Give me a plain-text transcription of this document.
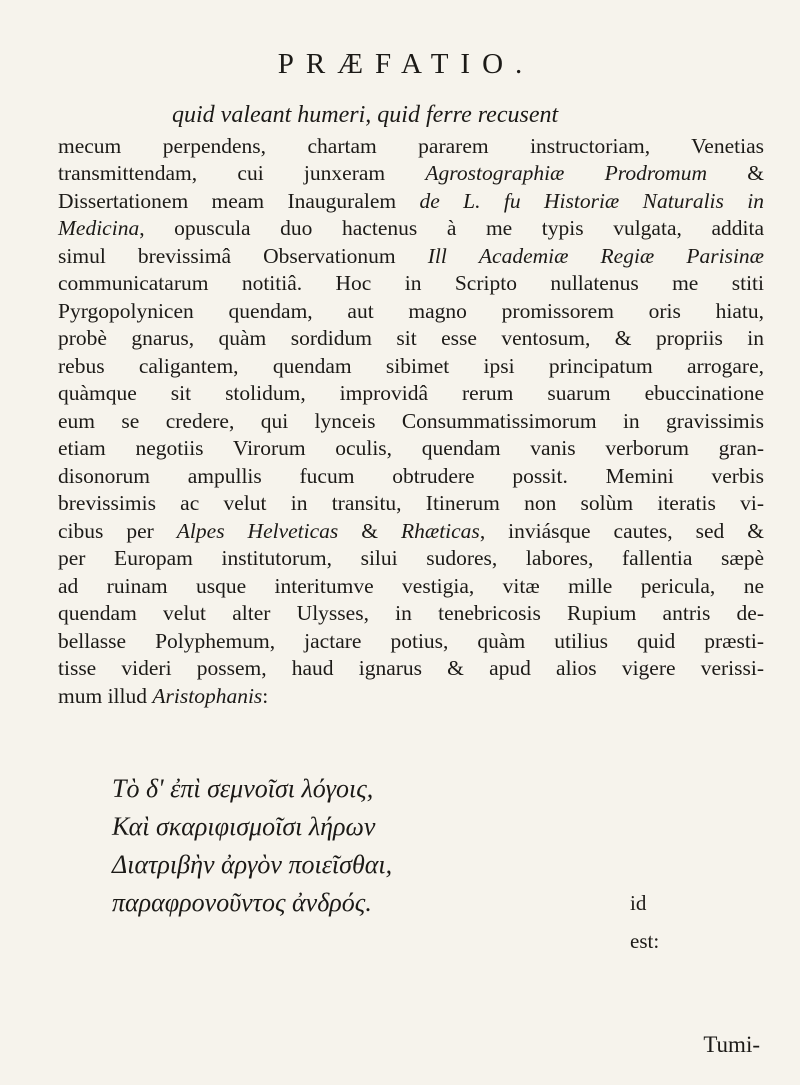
PRÆFATIO.
quid valeant humeri, quid ferre recusent
mecum perpendens, chartam pararem instructoriam, Venetias
transmittendam, cui junxeram Agrostographiæ Prodromum &
Dissertationem meam Inauguralem de L. fu Historiæ Naturalis in
Medicina, opuscula duo hactenus à me typis vulgata, addita
simul brevissimâ Observationum Ill Academiæ Regiæ Parisinæ
communicatarum notitiâ. Hoc in Scripto nullatenus me stiti
Pyrgopolynicen quendam, aut magno promissorem oris hiatu,
probè gnarus, quàm sordidum sit esse ventosum, & propriis in
rebus caligantem, quendam sibimet ipsi principatum arrogare,
quàmque sit stolidum, improvidâ rerum suarum ebuccinatione
eum se credere, qui lynceis Consummatissimorum in gravissimis
etiam negotiis Virorum oculis, quendam vanis verborum gran-
disonorum ampullis fucum obtrudere possit. Memini verbis
brevissimis ac velut in transitu, Itinerum non solùm iteratis vi-
cibus per Alpes Helveticas & Rhæticas, inviásque cautes, sed &
per Europam institutorum, silui sudores, labores, fallentia sæpè
ad ruinam usque interitumve vestigia, vitæ mille pericula, ne
quendam velut alter Ulysses, in tenebricosis Rupium antris de-
bellasse Polyphemum, jactare potius, quàm utilius quid præsti-
tisse videri possem, haud ignarus & apud alios vigere verissi-
mum illud Aristophanis:
Τὸ δ' ἐπὶ σεμνοῖσι λόγοις,
Καὶ σκαριφισμοῖσι λήρων
Διατριβὴν ἀργὸν ποιεῖσθαι,
παραφρονοῦντος ἀνδρός.	id est:
Tumi-
